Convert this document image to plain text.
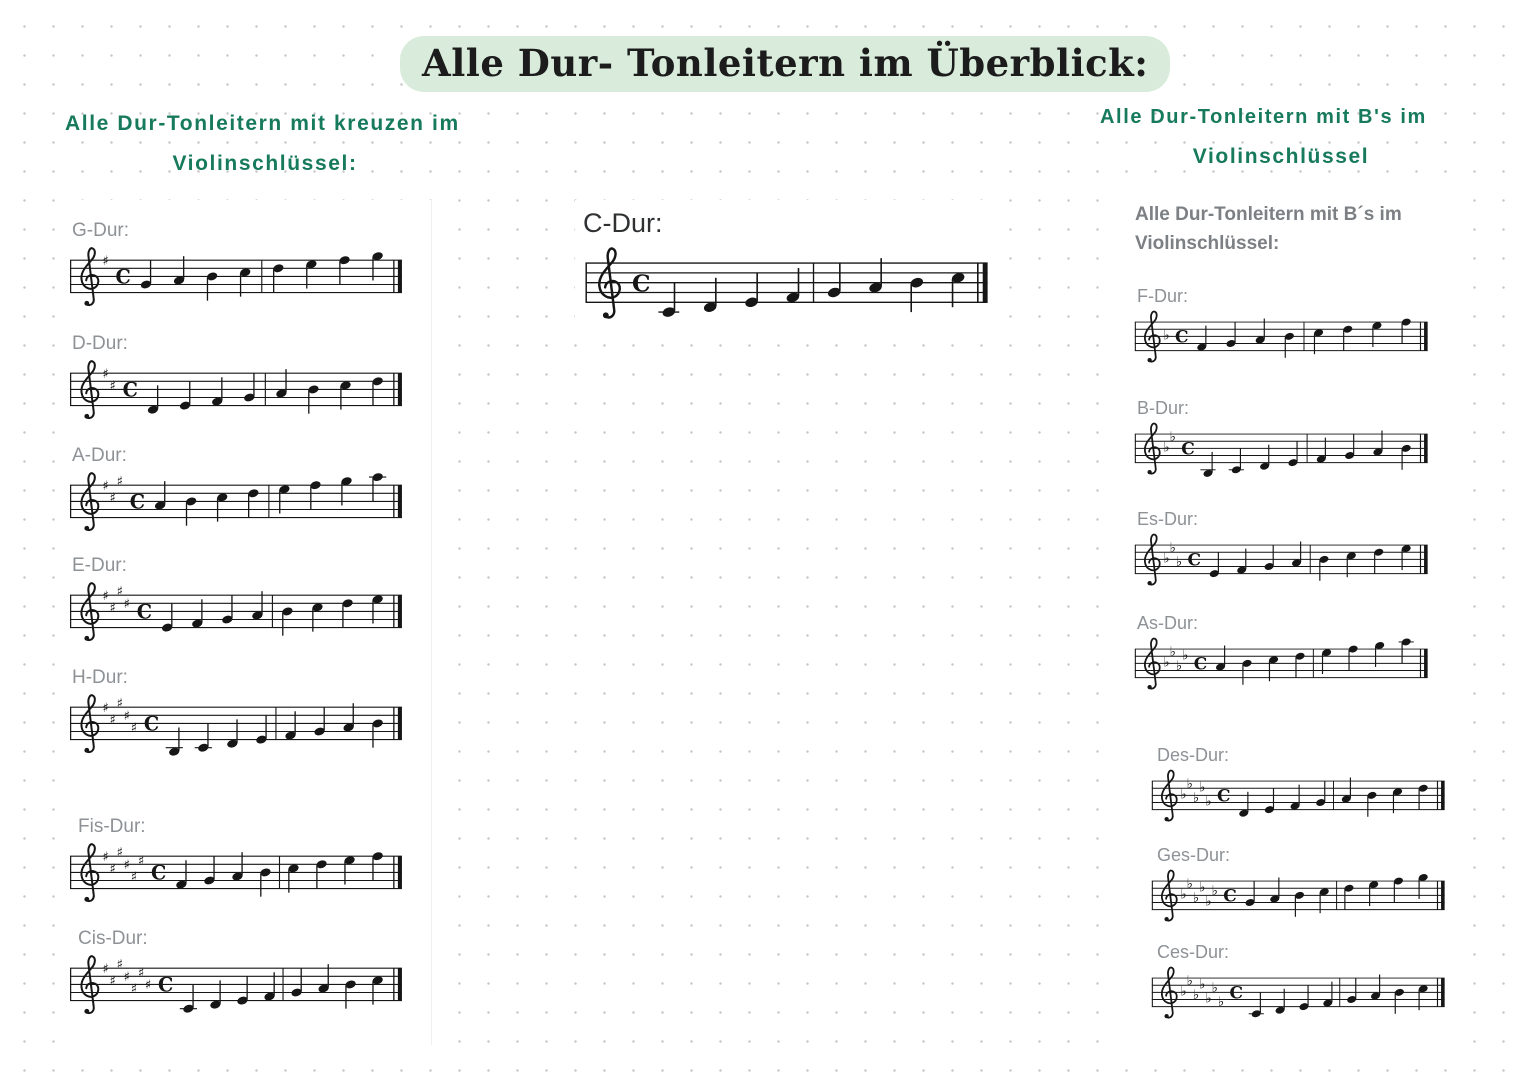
Alle Dur- Tonleitern im Überblick:
Alle Dur-Tonleitern mit kreuzen im
Violinschlüssel:
Alle Dur-Tonleitern mit B's im
Violinschlüssel
Alle Dur-Tonleitern mit B´s im
Violinschlüssel:
C-Dur:
C
G-Dur:
♯
C
D-Dur:
♯
♯ C
A-Dur:
♯
♯
♯
C
E-Dur:
♯
♯
♯
♯ C
H-Dur:
♯
♯
♯
♯
♯ C
Fis-Dur:
♯
♯
♯
♯
♯
♯
C
Cis-Dur:
♯
♯
♯
♯
♯
♯
♯ C
F-Dur:
♭ C
B-Dur:
♭
♭
C
Es-Dur:
♭
♭
♭ C
As-Dur:
♭
♭
♭
♭ C
Des-Dur:
♭
♭
♭
♭
♭ C
Ges-Dur:
♭
♭
♭
♭
♭
♭ C
Ces-Dur:
♭
♭
♭
♭
♭
♭
♭
C
